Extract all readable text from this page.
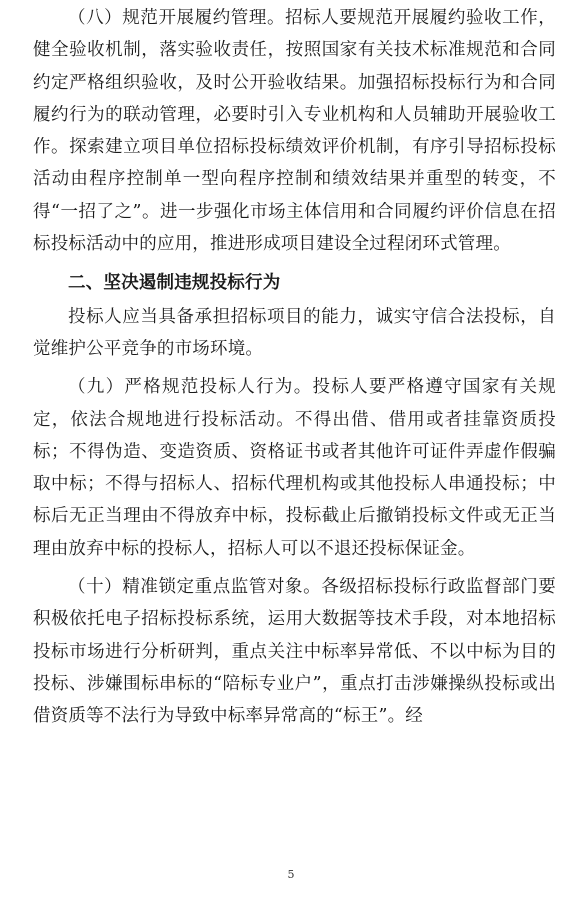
（八）规范开展履约管理。招标人要规范开展履约验收工作，健全验收机制，落实验收责任，按照国家有关技术标准规范和合同约定严格组织验收，及时公开验收结果。加强招标投标行为和合同履约行为的联动管理，必要时引入专业机构和人员辅助开展验收工作。探索建立项目单位招标投标绩效评价机制，有序引导招标投标活动由程序控制单一型向程序控制和绩效结果并重型的转变，不得“一招了之”。进一步强化市场主体信用和合同履约评价信息在招标投标活动中的应用，推进形成项目建设全过程闭环式管理。

二、坚决遏制违规投标行为

投标人应当具备承担招标项目的能力，诚实守信合法投标，自觉维护公平竞争的市场环境。

（九）严格规范投标人行为。投标人要严格遵守国家有关规定，依法合规地进行投标活动。不得出借、借用或者挂靠资质投标；不得伪造、变造资质、资格证书或者其他许可证件弄虚作假骗取中标；不得与招标人、招标代理机构或其他投标人串通投标；中标后无正当理由不得放弃中标，投标截止后撤销投标文件或无正当理由放弃中标的投标人，招标人可以不退还投标保证金。

（十）精准锁定重点监管对象。各级招标投标行政监督部门要积极依托电子招标投标系统，运用大数据等技术手段，对本地招标投标市场进行分析研判，重点关注中标率异常低、不以中标为目的投标、涉嫌围标串标的“陪标专业户”，重点打击涉嫌操纵投标或出借资质等不法行为导致中标率异常高的“标王”。经

5
